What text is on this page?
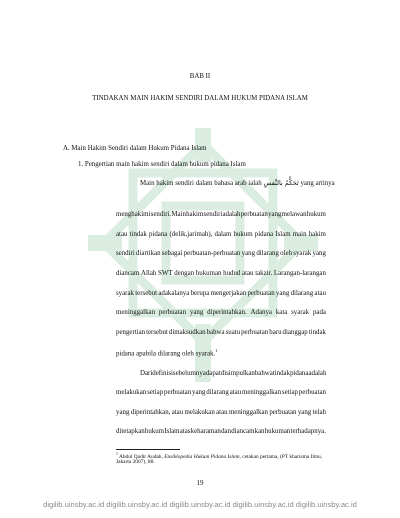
BAB II
TINDAKAN MAIN HAKIM SENDIRI DALAM HUKUM PIDANA ISLAM
A. Main Hakim Sendiri dalam Hukum Pidana Islam
1. Pengertian main hakim sendiri dalam hukum pidana Islam
Main hakim sendiri dalam bahasa arab ialah تَحَكُّمُ بالنَّفسِ yang artinya
menghakimi sendiri. Main hakim sendiri adalah perbuatan yang melawan hukum
atau tindak pidana (delik,jarimah), dalam hukum pidana Islam main hakim
sendiri diartikan sebagai perbuatan-perbuatan yang dilarang oleh syarak yang
diancam Allah SWT dengan hukuman hudud atau takzir. Larangan-larangan
syarak tersebut adakalanya berupa mengerjakan perbuatan yang dilarang atau
meninggalkan perbuatan yang diperintahkan. Adanya kata syarak pada
pengertian tersebut dimaksudkan bahwa suatu perbuatan baru dianggap tindak
pidana apabila dilarang oleh syarak.$^1$
Dari definisi sebelumnya dapat disimpulkan bahwa tindak pidana adalah
melakukan setiap perbuatan yang dilarang atau meninggalkan setiap perbuatan
yang diperintahkan, atau melakukan atau meninggalkan perbuatan yang telah
ditetapkan hukum Islam atas keharaman dan diancamkan hukuman terhadapnya.
$^1$ Abdul Qadir Audah, Ensiklopedia Hukum Pidana Islam, cetakan pertama, (PT kharisma Ilmu,
Jakarta 2007), 88.
19
digilib.uinsby.ac.id digilib.uinsby.ac.id digilib.uinsby.ac.id digilib.uinsby.ac.id digilib.uinsby.ac.id
